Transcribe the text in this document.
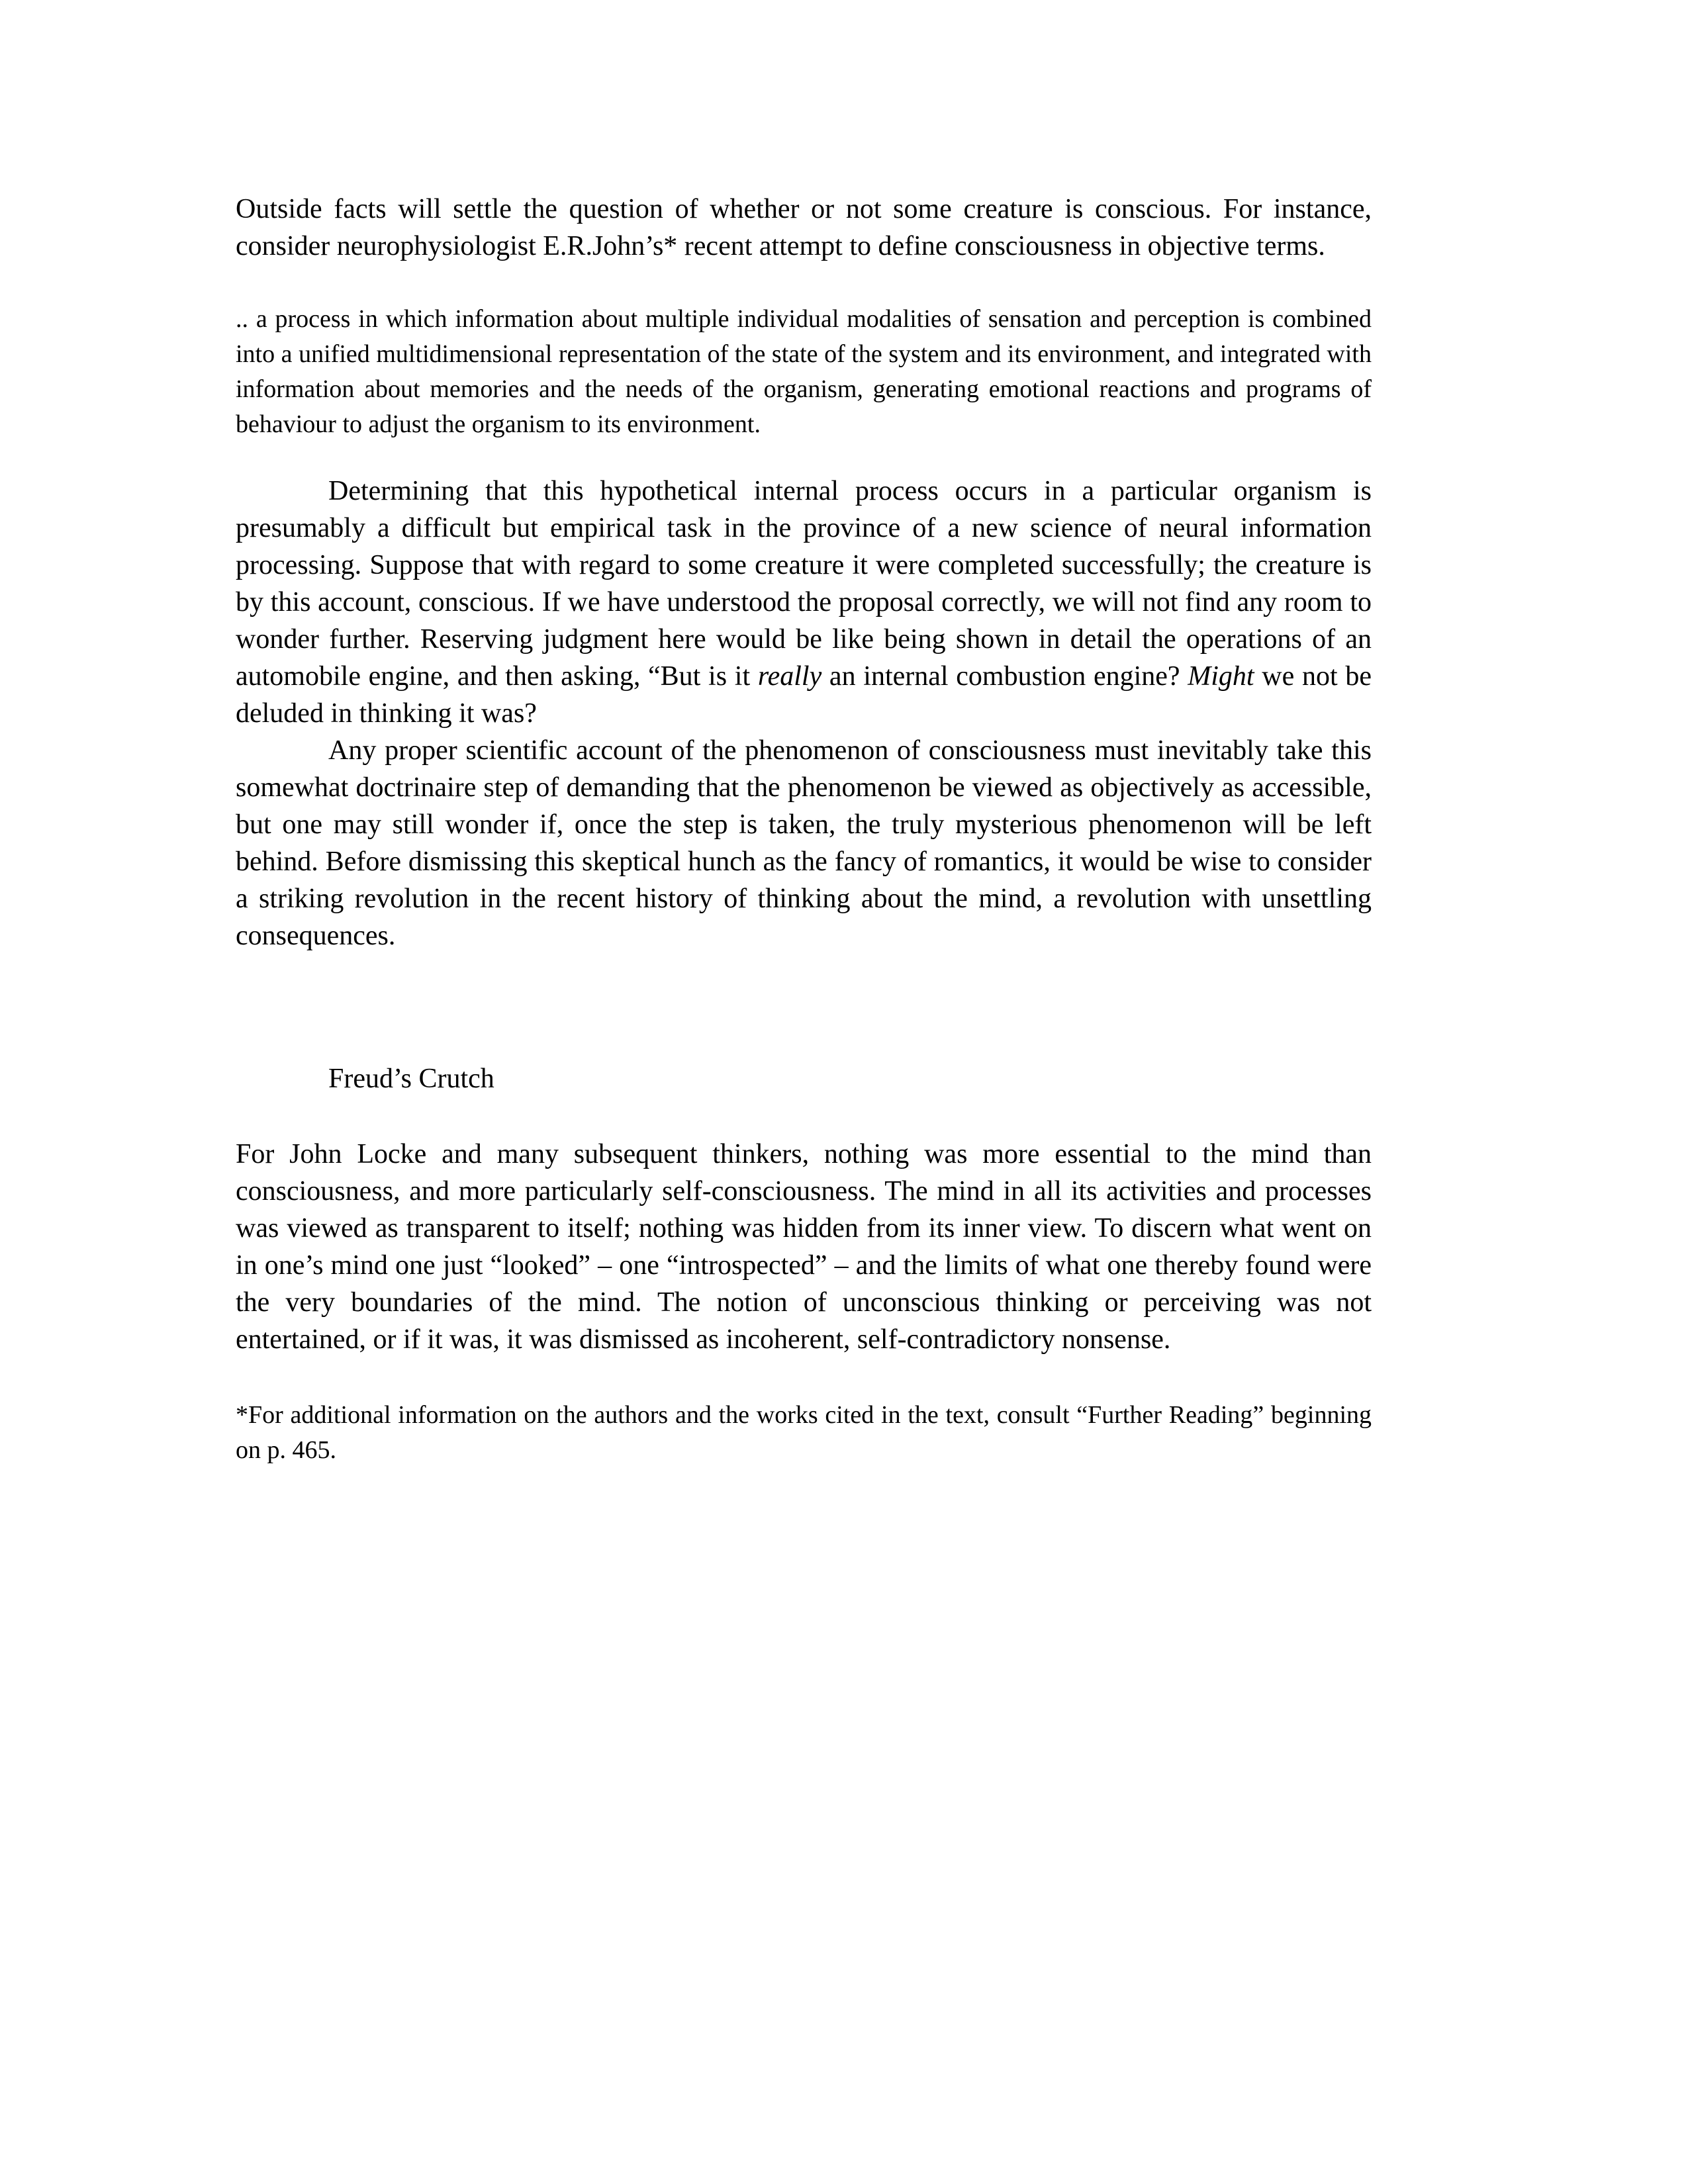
Outside facts will settle the question of whether or not some creature is conscious. For instance, consider neurophysiologist E.R.John’s* recent attempt to define consciousness in objective terms.

.. a process in which information about multiple individual modalities of sensation and perception is combined into a unified multidimensional representation of the state of the system and its environment, and integrated with information about memories and the needs of the organism, generating emotional reactions and programs of behaviour to adjust the organism to its environment.

Determining that this hypothetical internal process occurs in a particular organism is presumably a difficult but empirical task in the province of a new science of neural information processing. Suppose that with regard to some creature it were completed successfully; the creature is by this account, conscious. If we have understood the proposal correctly, we will not find any room to wonder further. Reserving judgment here would be like being shown in detail the operations of an automobile engine, and then asking, “But is it really an internal combustion engine? Might we not be deluded in thinking it was?

Any proper scientific account of the phenomenon of consciousness must inevitably take this somewhat doctrinaire step of demanding that the phenomenon be viewed as objectively as accessible, but one may still wonder if, once the step is taken, the truly mysterious phenomenon will be left behind. Before dismissing this skeptical hunch as the fancy of romantics, it would be wise to consider a striking revolution in the recent history of thinking about the mind, a revolution with unsettling consequences.

Freud’s Crutch

For John Locke and many subsequent thinkers, nothing was more essential to the mind than consciousness, and more particularly self-consciousness. The mind in all its activities and processes was viewed as transparent to itself; nothing was hidden from its inner view. To discern what went on in one’s mind one just “looked” – one “introspected” – and the limits of what one thereby found were the very boundaries of the mind. The notion of unconscious thinking or perceiving was not entertained, or if it was, it was dismissed as incoherent, self-contradictory nonsense.

*For additional information on the authors and the works cited in the text, consult “Further Reading” beginning on p. 465.
